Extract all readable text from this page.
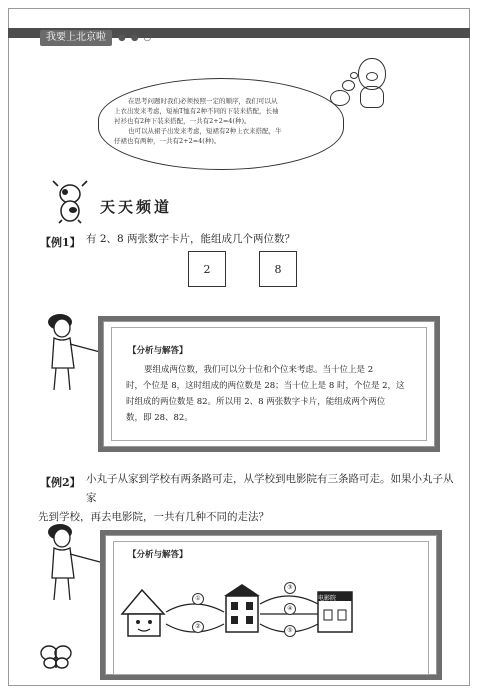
我要上北京啦	● ● ○
在思考问题时我们必须按照一定的顺序，我们可以从
上衣出发来考虑，短袖T恤有2种不同的下装来搭配，长袖
衬衫也有2种下装来搭配，一共有2+2=4(种)。
也可以从裙子出发来考虑，短裙有2种上衣来搭配，牛
仔裙也有两种，一共有2+2=4(种)。
天天频道
【例1】 有 2、8 两张数字卡片，能组成几个两位数？
2	8
【分析与解答】
要组成两位数，我们可以分十位和个位来考虑。当十位上是 2
时，个位是 8，这时组成的两位数是 28；当十位上是 8 时，个位是 2，这
时组成的两位数是 82。所以用 2、8 两张数字卡片，能组成两个两位
数，即 28、82。
【例2】 小丸子从家到学校有两条路可走，从学校到电影院有三条路可走。如果小丸子从家
先到学校，再去电影院，一共有几种不同的走法？
【分析与解答】
电影院
①
②
③
④
⑤
